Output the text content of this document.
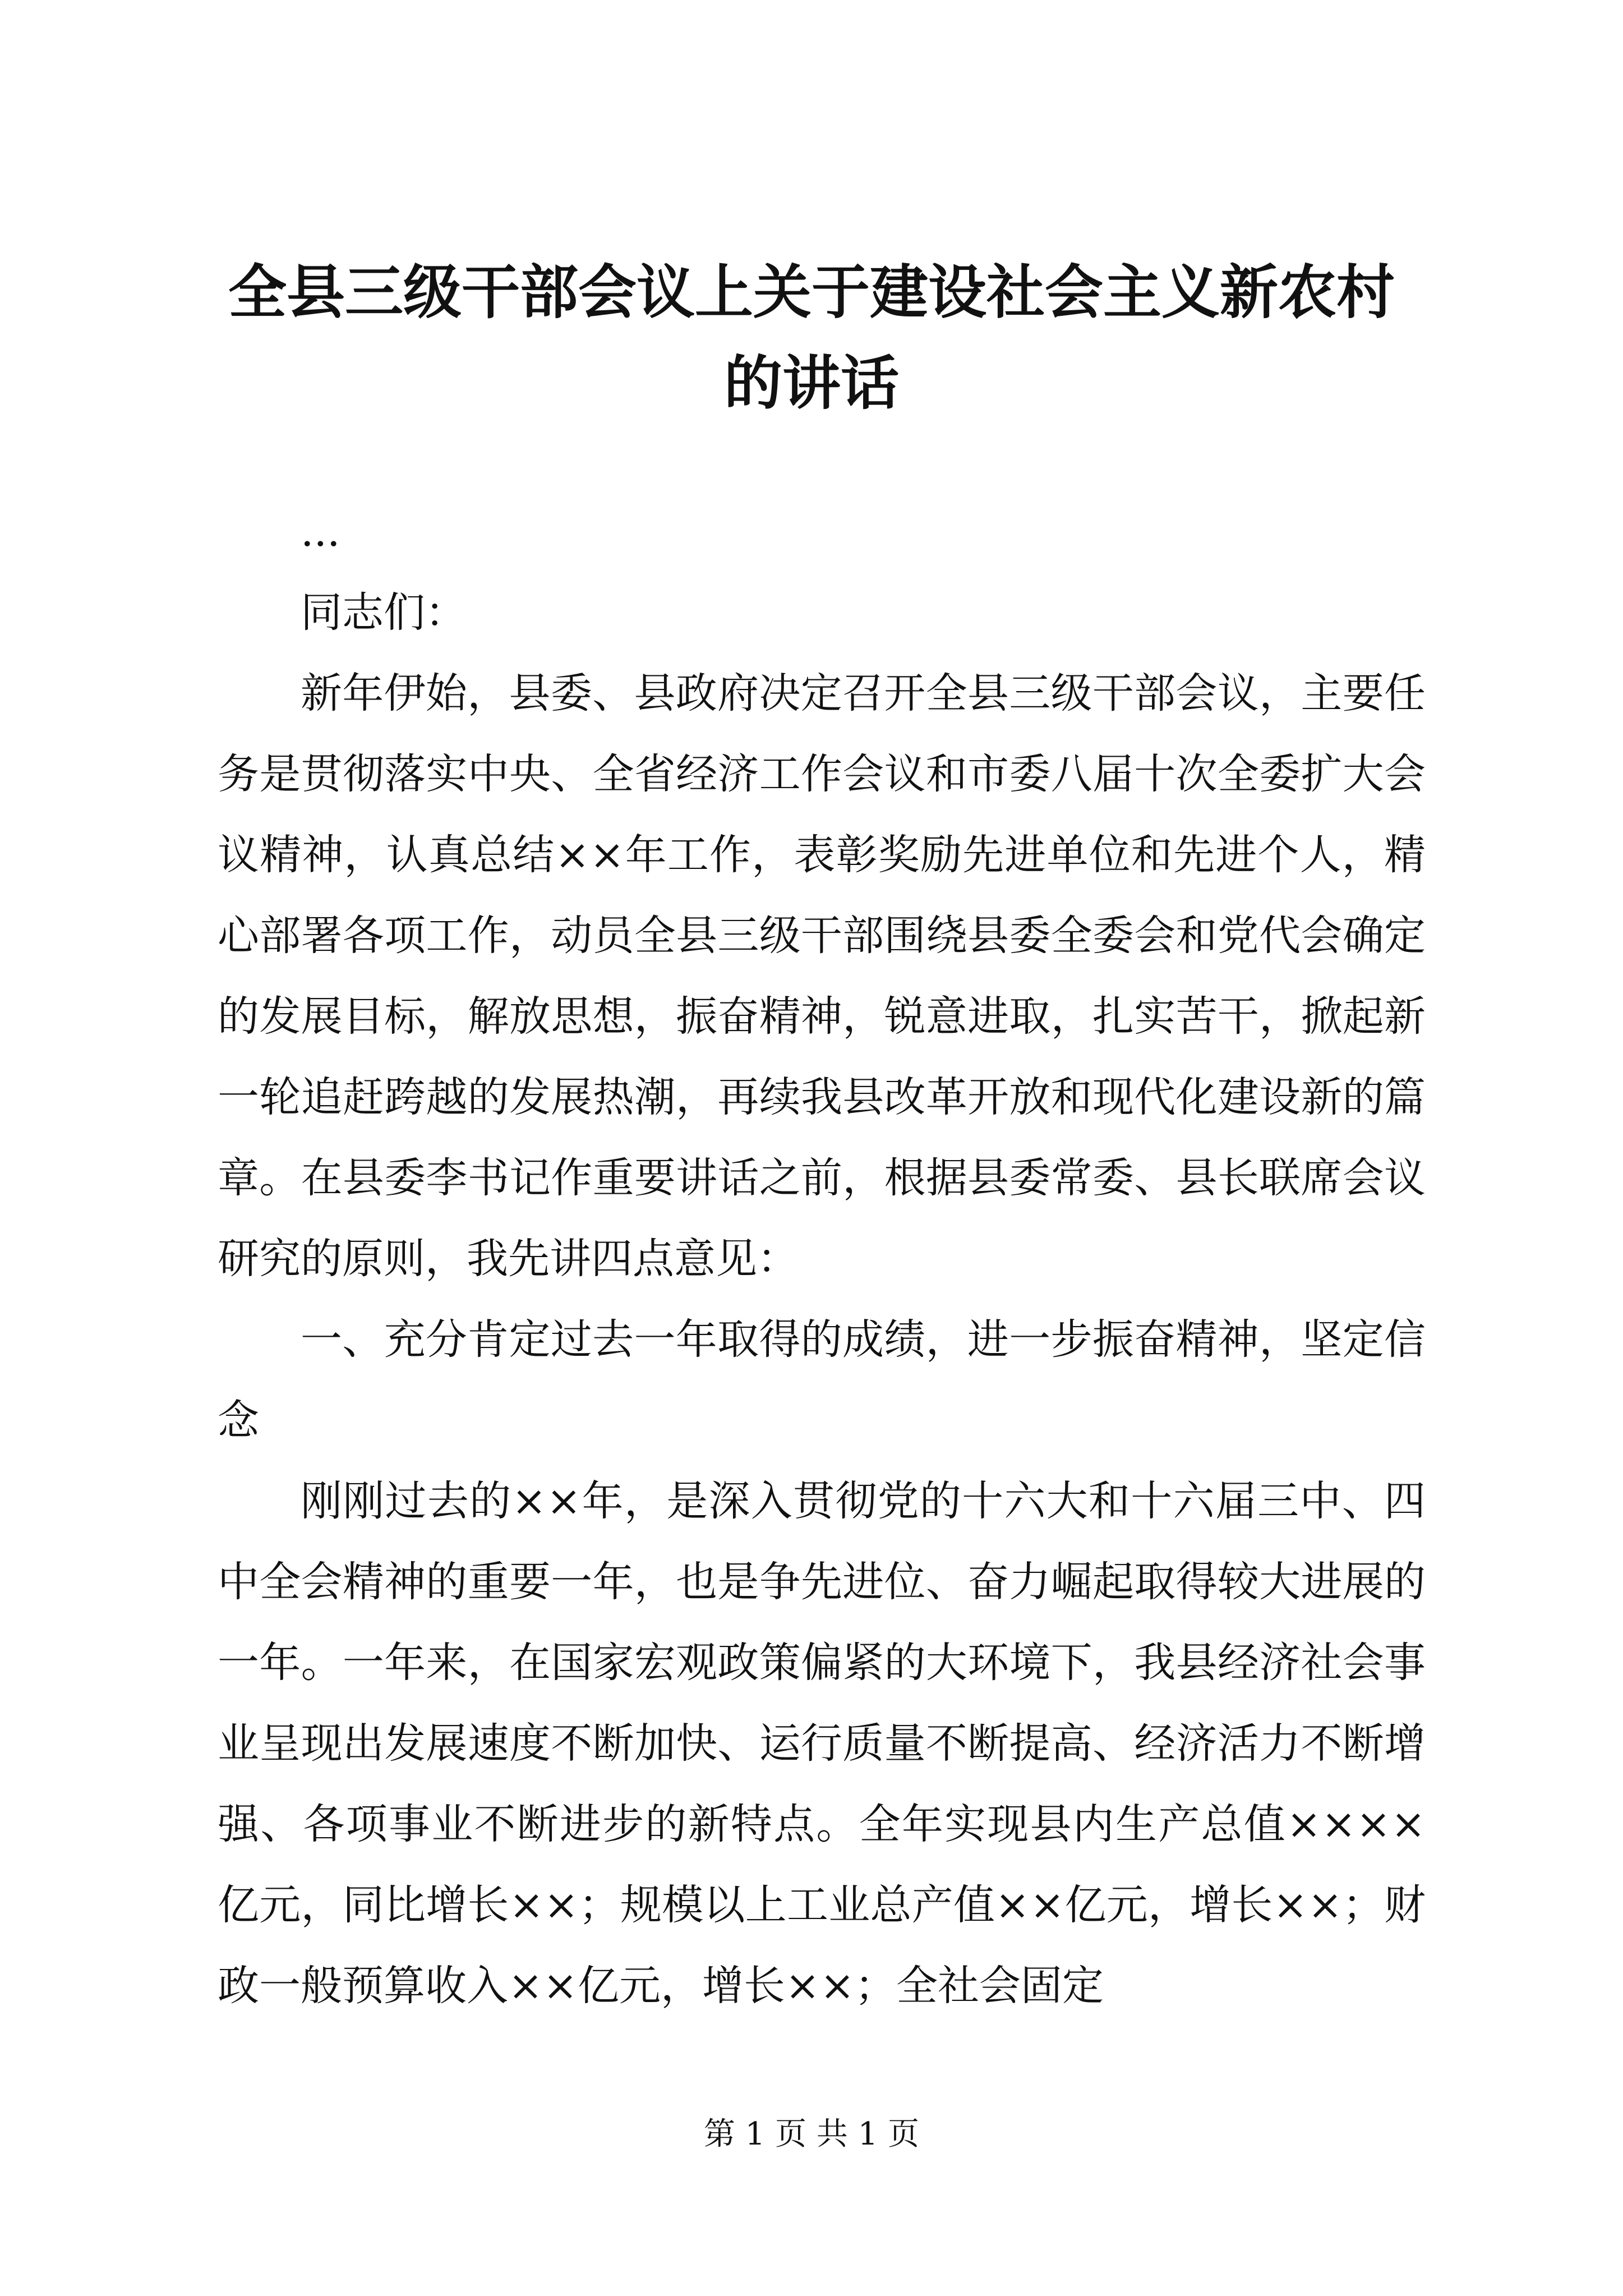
全县三级干部会议上关于建设社会主义新农村的讲话

...

同志们：

新年伊始，县委、县政府决定召开全县三级干部会议，主要任务是贯彻落实中央、全省经济工作会议和市委八届十次全委扩大会议精神，认真总结××年工作，表彰奖励先进单位和先进个人，精心部署各项工作，动员全县三级干部围绕县委全委会和党代会确定的发展目标，解放思想，振奋精神，锐意进取，扎实苦干，掀起新一轮追赶跨越的发展热潮，再续我县改革开放和现代化建设新的篇章。在县委李书记作重要讲话之前，根据县委常委、县长联席会议研究的原则，我先讲四点意见：

一、充分肯定过去一年取得的成绩，进一步振奋精神，坚定信念

刚刚过去的××年，是深入贯彻党的十六大和十六届三中、四中全会精神的重要一年，也是争先进位、奋力崛起取得较大进展的一年。一年来，在国家宏观政策偏紧的大环境下，我县经济社会事业呈现出发展速度不断加快、运行质量不断提高、经济活力不断增强、各项事业不断进步的新特点。全年实现县内生产总值××××亿元，同比增长××；规模以上工业总产值××亿元，增长××；财政一般预算收入××亿元，增长××；全社会固定

第 1 页 共 1 页
